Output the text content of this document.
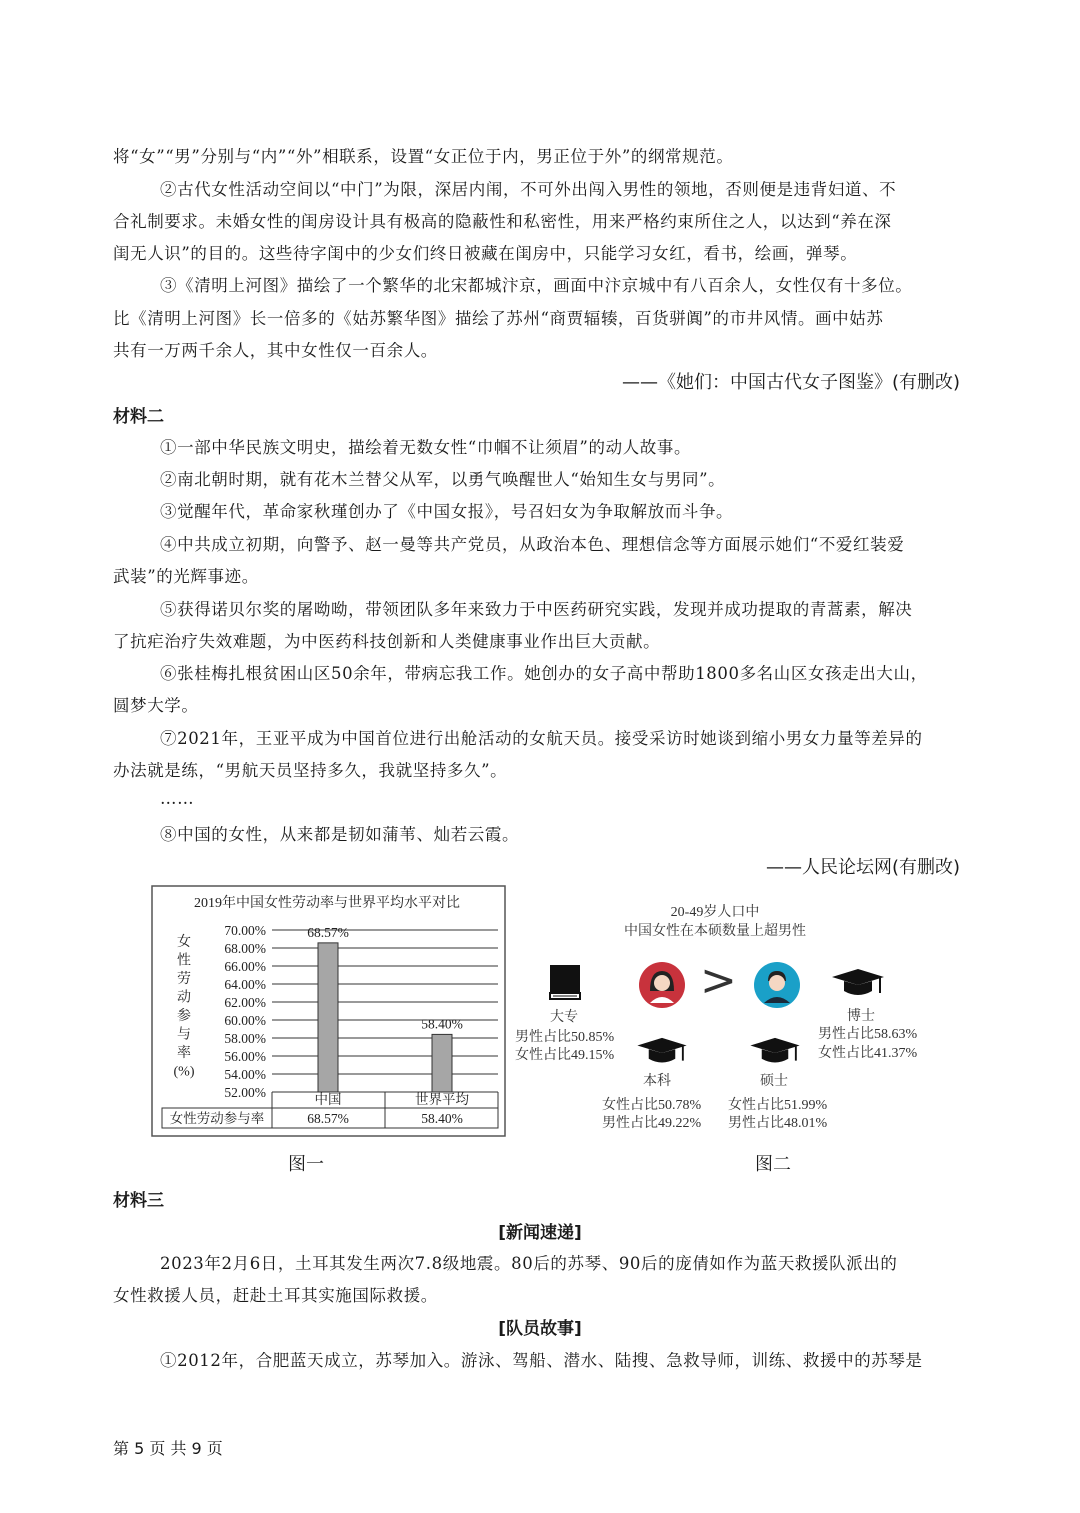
将“女”“男”分别与“内”“外”相联系，设置“女正位于内，男正位于外”的纲常规范。
②古代女性活动空间以“中门”为限，深居内闱，不可外出闯入男性的领地，否则便是违背妇道、不
合礼制要求。未婚女性的闺房设计具有极高的隐蔽性和私密性，用来严格约束所住之人，以达到“养在深
闺无人识”的目的。这些待字闺中的少女们终日被藏在闺房中，只能学习女红，看书，绘画，弹琴。
③《清明上河图》描绘了一个繁华的北宋都城汴京，画面中汴京城中有八百余人，女性仅有十多位。
比《清明上河图》长一倍多的《姑苏繁华图》描绘了苏州“商贾辐辏，百货骈阗”的市井风情。画中姑苏
共有一万两千余人，其中女性仅一百余人。
——《她们：中国古代女子图鉴》(有删改)
材料二
①一部中华民族文明史，描绘着无数女性“巾帼不让须眉”的动人故事。
②南北朝时期，就有花木兰替父从军，以勇气唤醒世人“始知生女与男同”。
③觉醒年代，革命家秋瑾创办了《中国女报》，号召妇女为争取解放而斗争。
④中共成立初期，向警予、赵一曼等共产党员，从政治本色、理想信念等方面展示她们“不爱红装爱
武装”的光辉事迹。
⑤获得诺贝尔奖的屠呦呦，带领团队多年来致力于中医药研究实践，发现并成功提取的青蒿素，解决
了抗疟治疗失效难题，为中医药科技创新和人类健康事业作出巨大贡献。
⑥张桂梅扎根贫困山区50余年，带病忘我工作。她创办的女子高中帮助1800多名山区女孩走出大山，
圆梦大学。
⑦2021年，王亚平成为中国首位进行出舱活动的女航天员。接受采访时她谈到缩小男女力量等差异的
办法就是练，“男航天员坚持多久，我就坚持多久”。
……
⑧中国的女性，从来都是韧如蒲苇、灿若云霞。
——人民论坛网(有删改)
2019年中国女性劳动率与世界平均水平对比
女
性
劳
动
参
与
率
(%)
70.00%
68.00%
66.00%
64.00%
62.00%
60.00%
58.00%
56.00%
54.00%
52.00%
68.57%
58.40%
中国
68.57%
世界平均
58.40%
女性劳动参与率
20-49岁人口中
中国女性在本硕数量上超男性
大专
男性占比50.85%
女性占比49.15%
>
博士
男性占比58.63%
女性占比41.37%
本科
女性占比50.78%
男性占比49.22%
硕士
女性占比51.99%
男性占比48.01%
图一	图二
材料三
[新闻速递]
2023年2月6日，土耳其发生两次7.8级地震。80后的苏琴、90后的庞倩如作为蓝天救援队派出的
女性救援人员，赶赴土耳其实施国际救援。
[队员故事]
①2012年，合肥蓝天成立，苏琴加入。游泳、驾船、潜水、陆搜、急救导师，训练、救援中的苏琴是
第 5 页 共 9 页
